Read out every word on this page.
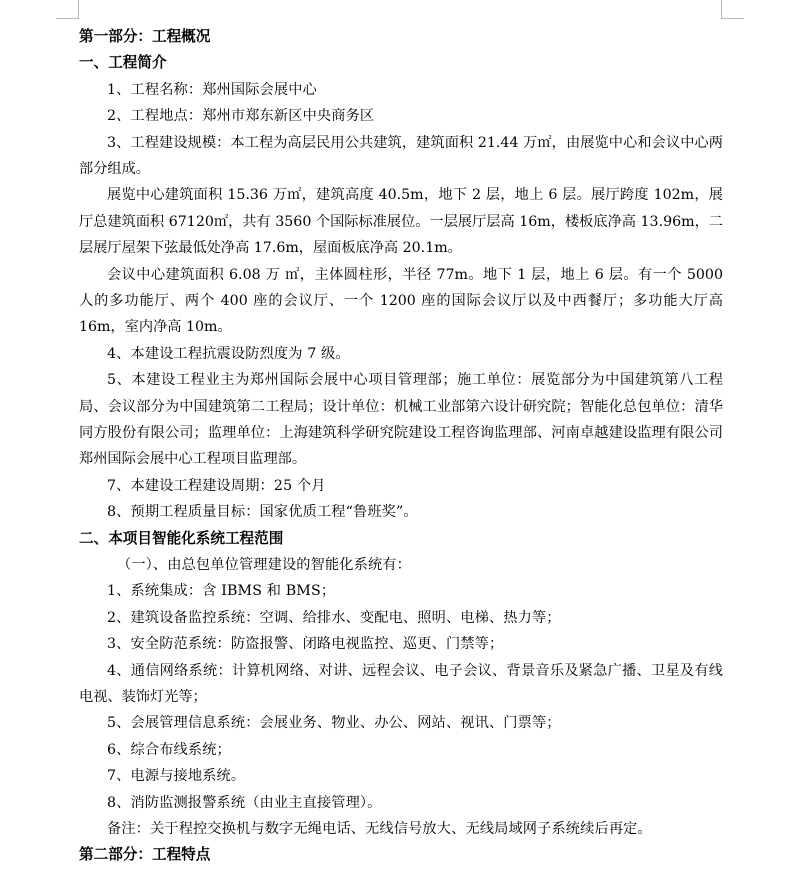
第一部分：工程概况
一、工程简介
1、工程名称：郑州国际会展中心
2、工程地点：郑州市郑东新区中央商务区
3、工程建设规模：本工程为高层民用公共建筑，建筑面积 21.44 万㎡，由展览中心和会议中心两部分组成。
展览中心建筑面积 15.36 万㎡，建筑高度 40.5m，地下 2 层，地上 6 层。展厅跨度 102m，展厅总建筑面积 67120㎡，共有 3560 个国际标准展位。一层展厅层高 16m，楼板底净高 13.96m，二层展厅屋架下弦最低处净高 17.6m，屋面板底净高 20.1m。
会议中心建筑面积 6.08 万 ㎡，主体圆柱形，半径 77m。地下 1 层，地上 6 层。有一个 5000 人的多功能厅、两个 400 座的会议厅、一个 1200 座的国际会议厅以及中西餐厅；多功能大厅高 16m，室内净高 10m。
4、本建设工程抗震设防烈度为 7 级。
5、本建设工程业主为郑州国际会展中心项目管理部；施工单位：展览部分为中国建筑第八工程局、会议部分为中国建筑第二工程局；设计单位：机械工业部第六设计研究院；智能化总包单位：清华同方股份有限公司；监理单位：上海建筑科学研究院建设工程咨询监理部、河南卓越建设监理有限公司郑州国际会展中心工程项目监理部。
7、本建设工程建设周期：25 个月
8、预期工程质量目标：国家优质工程“鲁班奖”。
二、本项目智能化系统工程范围
（一）、由总包单位管理建设的智能化系统有：
1、系统集成：含 IBMS 和 BMS；
2、建筑设备监控系统：空调、给排水、变配电、照明、电梯、热力等；
3、安全防范系统：防盗报警、闭路电视监控、巡更、门禁等；
4、通信网络系统：计算机网络、对讲、远程会议、电子会议、背景音乐及紧急广播、卫星及有线电视、装饰灯光等；
5、会展管理信息系统：会展业务、物业、办公、网站、视讯、门票等；
6、综合布线系统；
7、电源与接地系统。
8、消防监测报警系统（由业主直接管理）。
备注：关于程控交换机与数字无绳电话、无线信号放大、无线局域网子系统续后再定。
第二部分：工程特点
